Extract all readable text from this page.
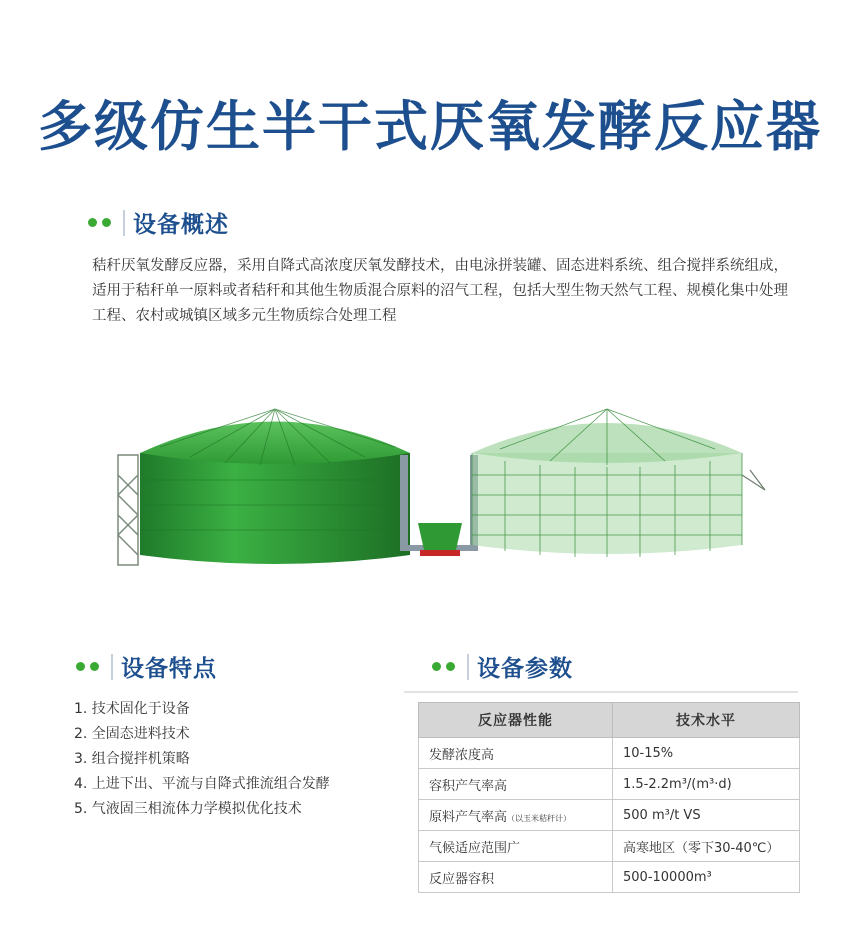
多级仿生半干式厌氧发酵反应器
设备概述
秸秆厌氧发酵反应器，采用自降式高浓度厌氧发酵技术，由电泳拼装罐、固态进料系统、组合搅拌系统组成，适用于秸秆单一原料或者秸秆和其他生物质混合原料的沼气工程，包括大型生物天然气工程、规模化集中处理工程、农村或城镇区域多元生物质综合处理工程
设备特点
1. 技术固化于设备
2. 全固态进料技术
3. 组合搅拌机策略
4. 上进下出、平流与自降式推流组合发酵
5. 气液固三相流体力学模拟优化技术
设备参数
反应器性能	技术水平
发酵浓度高	10-15%
容积产气率高	1.5-2.2m³/(m³·d)
原料产气率高（以玉米秸秆计）	500 m³/t VS
气候适应范围广	高寒地区（零下30-40℃）
反应器容积	500-10000m³
